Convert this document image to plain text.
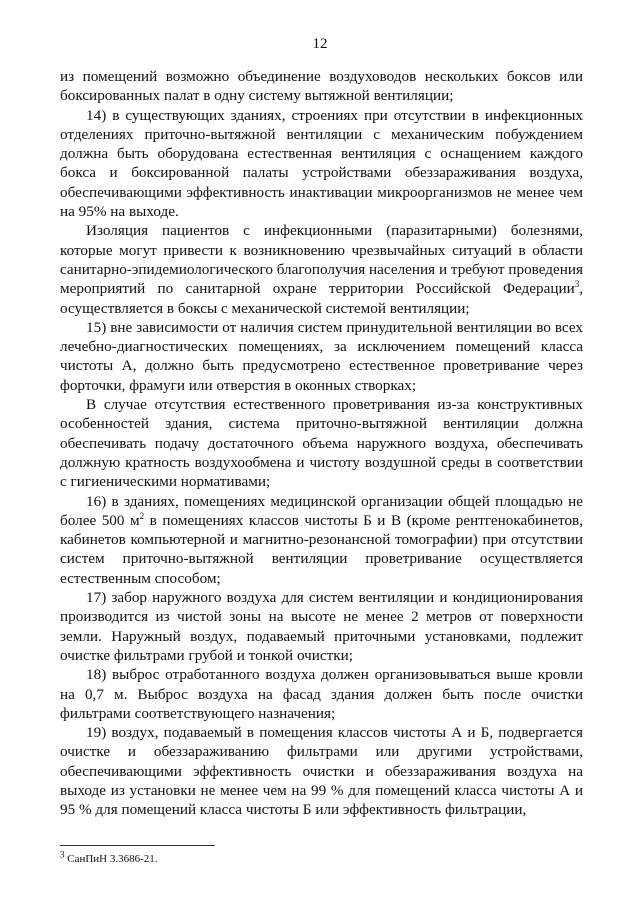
12

из помещений возможно объединение воздуховодов нескольких боксов или боксированных палат в одну систему вытяжной вентиляции;

14) в существующих зданиях, строениях при отсутствии в инфекционных отделениях приточно-вытяжной вентиляции с механическим побуждением должна быть оборудована естественная вентиляция с оснащением каждого бокса и боксированной палаты устройствами обеззараживания воздуха, обеспечивающими эффективность инактивации микроорганизмов не менее чем на 95% на выходе.

Изоляция пациентов с инфекционными (паразитарными) болезнями, которые могут привести к возникновению чрезвычайных ситуаций в области санитарно-эпидемиологического благополучия населения и требуют проведения мероприятий по санитарной охране территории Российской Федерации$^3$, осуществляется в боксы с механической системой вентиляции;

15) вне зависимости от наличия систем принудительной вентиляции во всех лечебно-диагностических помещениях, за исключением помещений класса чистоты А, должно быть предусмотрено естественное проветривание через форточки, фрамуги или отверстия в оконных створках;

В случае отсутствия естественного проветривания из-за конструктивных особенностей здания, система приточно-вытяжной вентиляции должна обеспечивать подачу достаточного объема наружного воздуха, обеспечивать должную кратность воздухообмена и чистоту воздушной среды в соответствии с гигиеническими нормативами;

16) в зданиях, помещениях медицинской организации общей площадью не более 500 $м^2$ в помещениях классов чистоты Б и В (кроме рентгенокабинетов, кабинетов компьютерной и магнитно-резонансной томографии) при отсутствии систем приточно-вытяжной вентиляции проветривание осуществляется естественным способом;

17) забор наружного воздуха для систем вентиляции и кондиционирования производится из чистой зоны на высоте не менее 2 метров от поверхности земли. Наружный воздух, подаваемый приточными установками, подлежит очистке фильтрами грубой и тонкой очистки;

18) выброс отработанного воздуха должен организовываться выше кровли на 0,7 м. Выброс воздуха на фасад здания должен быть после очистки фильтрами соответствующего назначения;

19) воздух, подаваемый в помещения классов чистоты А и Б, подвергается очистке и обеззараживанию фильтрами или другими устройствами, обеспечивающими эффективность очистки и обеззараживания воздуха на выходе из установки не менее чем на 99 % для помещений класса чистоты А и 95 % для помещений класса чистоты Б или эффективность фильтрации,

$^3$ СанПиН 3.3686-21.
